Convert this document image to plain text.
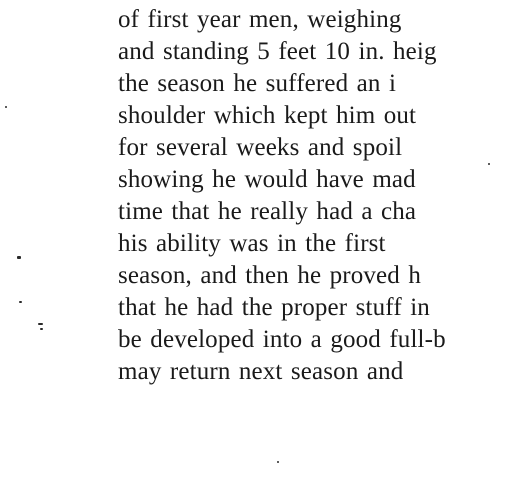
of first year men, weighing
and standing 5 feet 10 in. heig
the season he suffered an i
shoulder which kept him out
for several weeks and spoil
showing he would have mad
time that he really had a cha
his ability was in the first
season, and then he proved h
that he had the proper stuff in
be developed into a good full-b
may return next season and
